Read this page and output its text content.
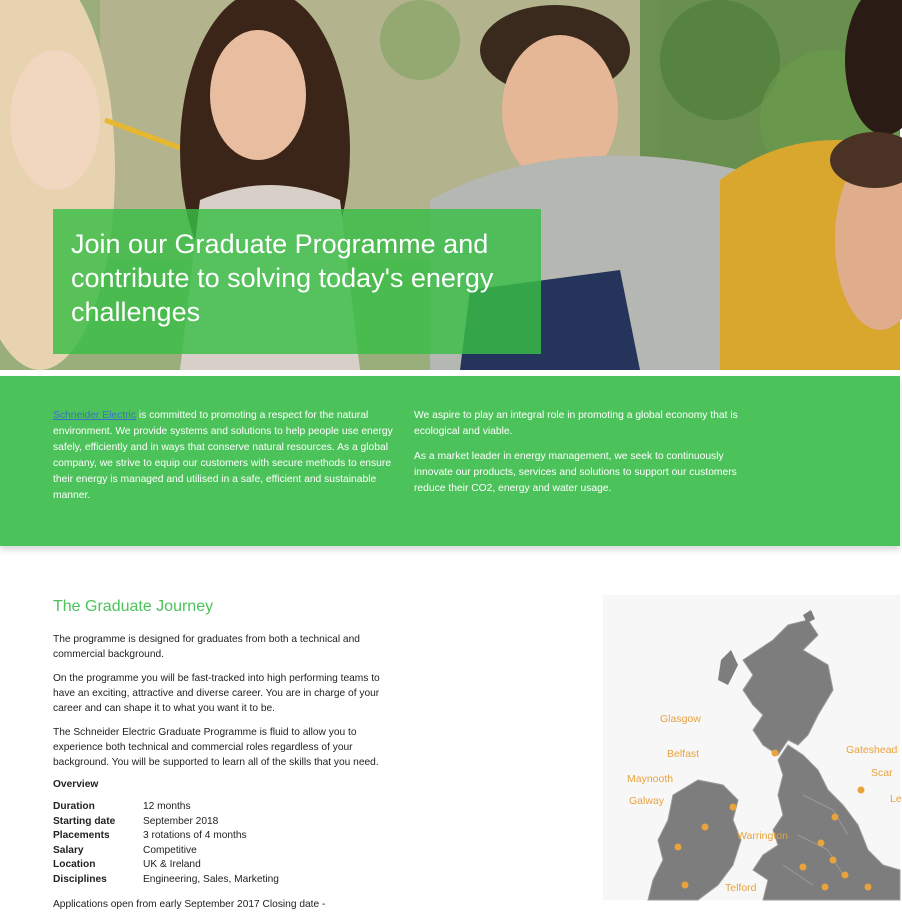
Join our Graduate Programme and contribute to solving today's energy challenges

Schneider Electric is committed to promoting a respect for the natural environment. We provide systems and solutions to help people use energy safely, efficiently and in ways that conserve natural resources. As a global company, we strive to equip our customers with secure methods to ensure their energy is managed and utilised in a safe, efficient and sustainable manner.

We aspire to play an integral role in promoting a global economy that is ecological and viable.

As a market leader in energy management, we seek to continuously innovate our products, services and solutions to support our customers reduce their CO2, energy and water usage.

The Graduate Journey

The programme is designed for graduates from both a technical and commercial background.

On the programme you will be fast-tracked into high performing teams to have an exciting, attractive and diverse career. You are in charge of your career and can shape it to what you want it to be.

The Schneider Electric Graduate Programme is fluid to allow you to experience both technical and commercial roles regardless of your background. You will be supported to learn all of the skills that you need.

Overview
Duration	12 months
Starting date	September 2018
Placements	3 rotations of 4 months
Salary	Competitive
Location	UK & Ireland
Disciplines	Engineering, Sales, Marketing

Applications open from early September 2017 Closing date -

Glasgow
Belfast
Maynooth
Galway
Warrington
Telford
Gateshead
Scar
Le
